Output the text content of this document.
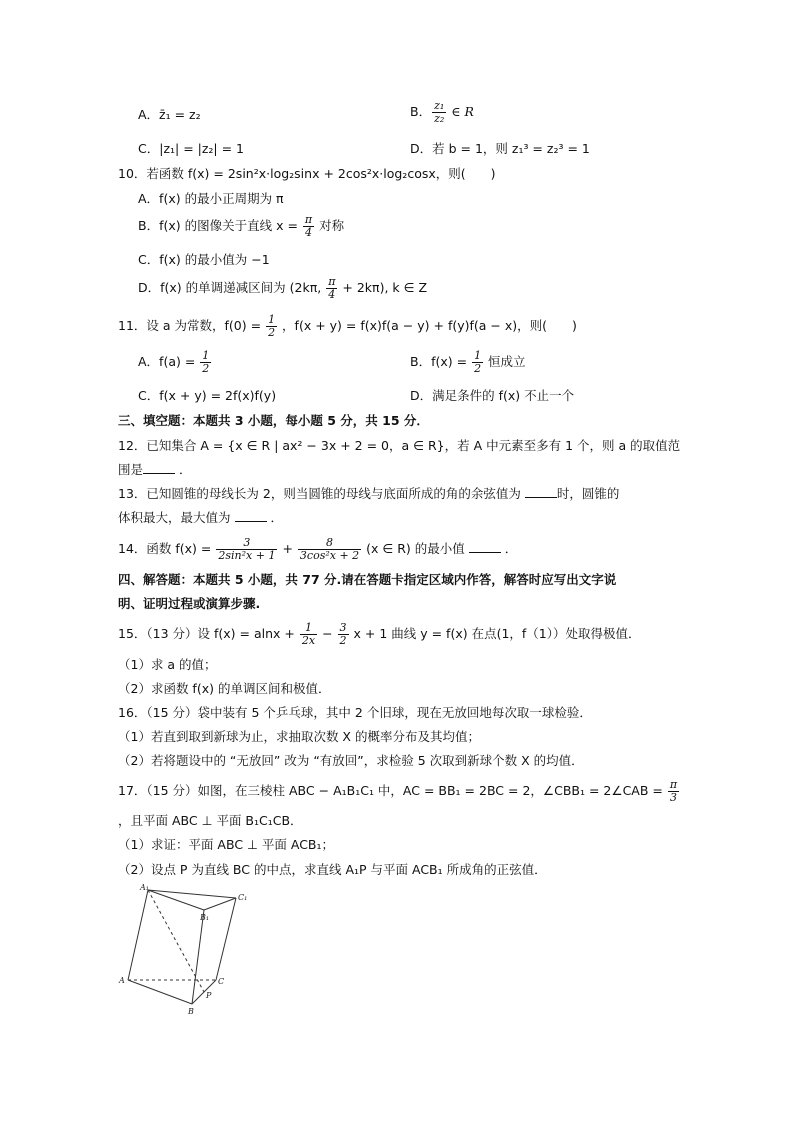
A．z̄₁ = z₂	B． $\frac{\text{z₁}}{\text{z₂}}$ ∈ R
C．|z₁| = |z₂| = 1	D．若 b = 1，则 z₁³ = z₂³ = 1
10．若函数 f(x) = 2sin²x·log₂sinx + 2cos²x·log₂cosx，则(　　)
A．f(x) 的最小正周期为 π
B．f(x) 的图像关于直线 $x = \frac{\pi}{4}$ 对称
C．f(x) 的最小值为 −1
D．f(x) 的单调递减区间为 (2kπ, $\frac{\pi}{4} + 2k\pi$), k ∈ Z
11．设 a 为常数，$f(0) = \frac{1}{2}$ ，f(x + y) = f(x)f(a − y) + f(y)f(a − x)，则(　　)
A．$f(a) = \frac{1}{2}$	B．$f(x) = \frac{1}{2}$ 恒成立
C．f(x + y) = 2f(x)f(y)	D．满足条件的 f(x) 不止一个
三、填空题：本题共 3 小题，每小题 5 分，共 15 分．
12．已知集合 A = {x ∈ R | ax² − 3x + 2 = 0，a ∈ R}，若 A 中元素至多有 1 个，则 a 的取值范
围是	．
13．已知圆锥的母线长为 2，则当圆锥的母线与底面所成的角的余弦值为	时，圆锥的
体积最大，最大值为	．
14．函数 $f(x) = \frac{3}{\text{2sin²x + 1}} + \frac{8}{\text{3cos²x + 2}} (x$ ∈ R) 的最小值	．
四、解答题：本题共 5 小题，共 77 分.请在答题卡指定区域内作答，解答时应写出文字说
明、证明过程或演算步骤.
15．（13 分）设 $f(x) = alnx + \frac{1}{2x} - \frac{3}{2}$ x + 1 曲线 y = f(x) 在点(1，f（1））处取得极值．
（1）求 a 的值；
（2）求函数 f(x) 的单调区间和极值．
16．（15 分）袋中装有 5 个乒乓球，其中 2 个旧球，现在无放回地每次取一球检验．
（1）若直到取到新球为止，求抽取次数 X 的概率分布及其均值；
（2）若将题设中的 “无放回” 改为 “有放回”，求检验 5 次取到新球个数 X 的均值．
17．（15 分）如图，在三棱柱 ABC − A₁B₁C₁ 中，AC = BB₁ = 2BC = 2，∠CBB₁ = 2∠CAB = $\frac{\pi}{3}$
，且平面 ABC ⊥ 平面 B₁C₁CB．
（1）求证：平面 ABC ⊥ 平面 ACB₁；
（2）设点 P 为直线 BC 的中点，求直线 A₁P 与平面 ACB₁ 所成角的正弦值．
A₁
B₁
C₁
A
B
C
P
